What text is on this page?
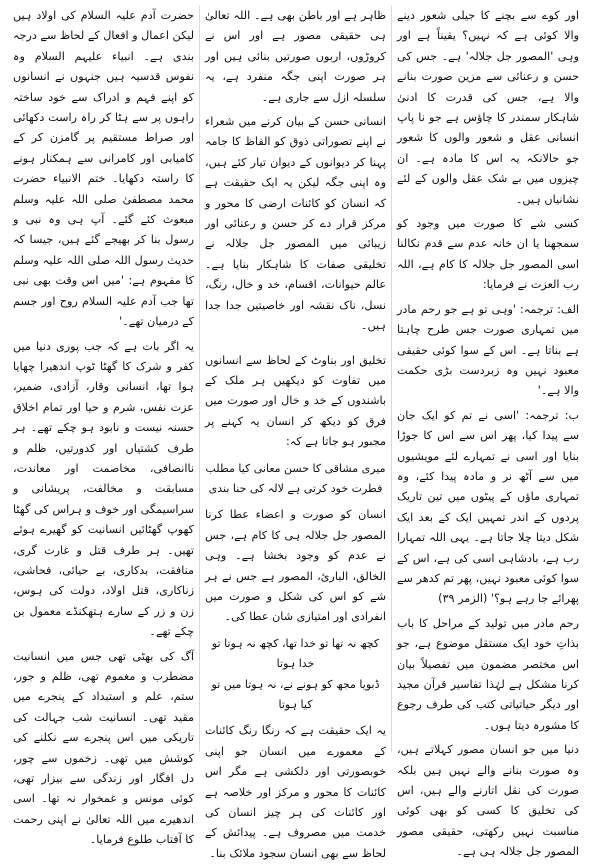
اور کوے سے بچنے کا جیلی شعور دینے والا کوئی ہے کہ نہیں؟ یقیناً ہے اور وہی 'المصور جل جلالہ' ہے۔ جس کی حسن و رعنائی سے مزین صورت بنانے والا ہے، جس کی قدرت کا ادنیٰ شاہکار سمندر کا چاؤس ہے جو نا پاپ انسانی عقل و شعور والوں کا شعور جو حالانکہ یہ اس کا مادہ ہے۔ ان چیزوں میں بے شک عقل والوں کے لئے نشانیاں ہیں۔

کسی شے کا صورت میں وجود کو سمجھنا یا ان خانہ عدم سے قدم نکالنا اسی المصور جل جلالہ کا کام ہے، اللہ رب العزت نے فرمایا:

الف: ترجمہ: 'وہی تو ہے جو رحم مادر میں تمہاری صورت جس طرح چاہتا ہے بناتا ہے۔ اس کے سوا کوئی حقیقی معبود نہیں وہ زبردست بڑی حکمت والا ہے۔'

ب: ترجمہ: 'اسی نے تم کو ایک جان سے پیدا کیا، پھر اس سے اس کا جوڑا بنایا اور اسی نے تمہارے لئے مویشیوں میں سے آٹھ نر و مادہ پیدا کئے، وہ تمہاری ماؤں کے پیٹوں میں تین تاریک پردوں کے اندر تمہیں ایک کے بعد ایک شکل دیتا چلا جاتا ہے۔ یہی اللہ تمہارا رب ہے، بادشاہی اسی کی ہے، اس کے سوا کوئی معبود نہیں، پھر تم کدھر سے پھرائے جا رہے ہو؟' (الزمر ۳۹)

رحم مادر میں تولید کے مراحل کا باب بذاتِ خود ایک مستقل موضوع ہے، جو اس مختصر مضمون میں تفصیلاً بیان کرنا مشکل ہے لہٰذا تفاسیر قرآن مجید اور دیگر حیاتیاتی کتب کی طرف رجوع کا مشورہ دیتا ہوں۔

دنیا میں جو انسان مصور کہلاتے ہیں، وہ صورت بنانے والے نہیں ہیں بلکہ صورت کی نقل اتارنے والے ہیں، اس کی تخلیق کا کسی کو بھی کوئی مناسبت نہیں رکھتی، حقیقی مصور المصور جل جلالہ ہی ہے۔

ظاہر ہے اور باطن بھی ہے۔ اللہ تعالیٰ ہی حقیقی مصور ہے اور اس نے کروڑوں، اربوں صورتیں بنائی ہیں اور ہر صورت اپنی جگہ منفرد ہے، یہ سلسلہ ازل سے جاری ہے۔

انسانی حسن کے بیان کرنے میں شعراء نے اپنے تصوراتی ذوق کو الفاظ کا جامہ پہنا کر دیوانوں کے دیوان تیار کئے ہیں، وہ اپنی جگہ لیکن یہ ایک حقیقت ہے کہ انسان کو کائنات ارضی کا محور و مرکز قرار دے کر حسن و رعنائی اور زیبائی میں المصور جل جلالہ نے تخلیقی صفات کا شاہکار بنایا ہے۔ عالم حیوانات، اقسام، خد و خال، رنگ، نسل، ناک نقشہ اور خاصیتیں جدا جدا ہیں۔

تخلیق اور بناوٹ کے لحاظ سے انسانوں میں تفاوت کو دیکھیں ہر ملک کے باشندوں کے خد و خال اور صورت میں فرق کو دیکھ کر انسان یہ کہنے پر مجبور ہو جاتا ہے کہ:

میری مشاقی کا حسن معانی کیا مطلب
فطرت خود کرتی ہے لالہ کی حنا بندی

انسان کو صورت و اعضاء عطا کرنا المصور جل جلالہ ہی کا کام ہے، جس نے عدم کو وجود بخشا ہے۔ وہی الخالق، البارئ، المصور ہے جس نے ہر شے کو اس کی شکل و صورت میں انفرادی اور امتیازی شان عطا کی۔

کچھ نہ تھا تو خدا تھا، کچھ نہ ہوتا تو خدا ہوتا
ڈبویا مجھ کو ہونے نے، نہ ہوتا میں تو کیا ہوتا

یہ ایک حقیقت ہے کہ رنگا رنگ کائنات کے معمورے میں انسان جو اپنی خوبصورتی اور دلکشی ہے مگر اس کائنات کا محور و مرکز اور خلاصہ ہے اور کائنات کی ہر چیز انسان کی خدمت میں مصروف ہے۔ پیدائش کے لحاظ سے بھی انسان سجود ملائک بنا۔

حضرت آدم علیہ السلام کی اولاد ہیں لیکن اعمال و افعال کے لحاظ سے درجہ بندی ہے۔ انبیاء علیہم السلام وہ نفوس قدسیہ ہیں جنہوں نے انسانوں کو اپنے فہم و ادراک سے خود ساختہ راہوں پر سے ہٹا کر راہ راست دکھائی اور صراط مستقیم پر گامزن کر کے کامیابی اور کامرانی سے ہمکنار ہونے کا راستہ دکھایا۔ ختم الانبیاء حضرت محمد مصطفیٰ صلی اللہ علیہ وسلم مبعوث کئے گئے۔ آپ ہی وہ نبی و رسول بنا کر بھیجے گئے ہیں، جیسا کہ حدیث رسول اللہ صلی اللہ علیہ وسلم کا مفہوم ہے: 'میں اس وقت بھی نبی تھا جب آدم علیہ السلام روح اور جسم کے درمیان تھے۔'

یہ اگر بات ہے کہ جب پوری دنیا میں کفر و شرک کا گھٹا ٹوپ اندھیرا چھایا ہوا تھا، انسانی وقار، آزادی، ضمیر، عزت نفس، شرم و حیا اور تمام اخلاق حسنہ نیست و نابود ہو چکے تھے۔ ہر طرف کشتیاں اور کدورتیں، ظلم و ناانصافی، مخاصمت اور معاندت، مسابقت و مخالفت، پریشانی و سراسیمگی اور خوف و ہراس کی گھٹا کھوپ گھٹائیں انسانیت کو گھیرے ہوئے تھیں۔ ہر طرف قتل و غارت گری، منافقت، بدکاری، بے حیائی، فحاشی، زناکاری، قتل اولاد، دولت کی ہوس، زن و زر کے سارے ہتھکنڈے معمول بن چکے تھے۔

آگ کی بھٹی تھی جس میں انسانیت مضطرب و مغموم تھی، ظلم و جور، ستم، علم و استبداد کے پنجرے میں مقید تھی۔ انسانیت شب جہالت کی تاریکی میں اس پنجرے سے نکلنے کی کوشش میں تھی۔ زخموں سے چور، دل افگار اور زندگی سے بیزار تھی، کوئی مونس و غمخوار نہ تھا۔ اسی اندھیرے میں اللہ تعالیٰ نے اپنی رحمت کا آفتاب طلوع فرمایا۔
